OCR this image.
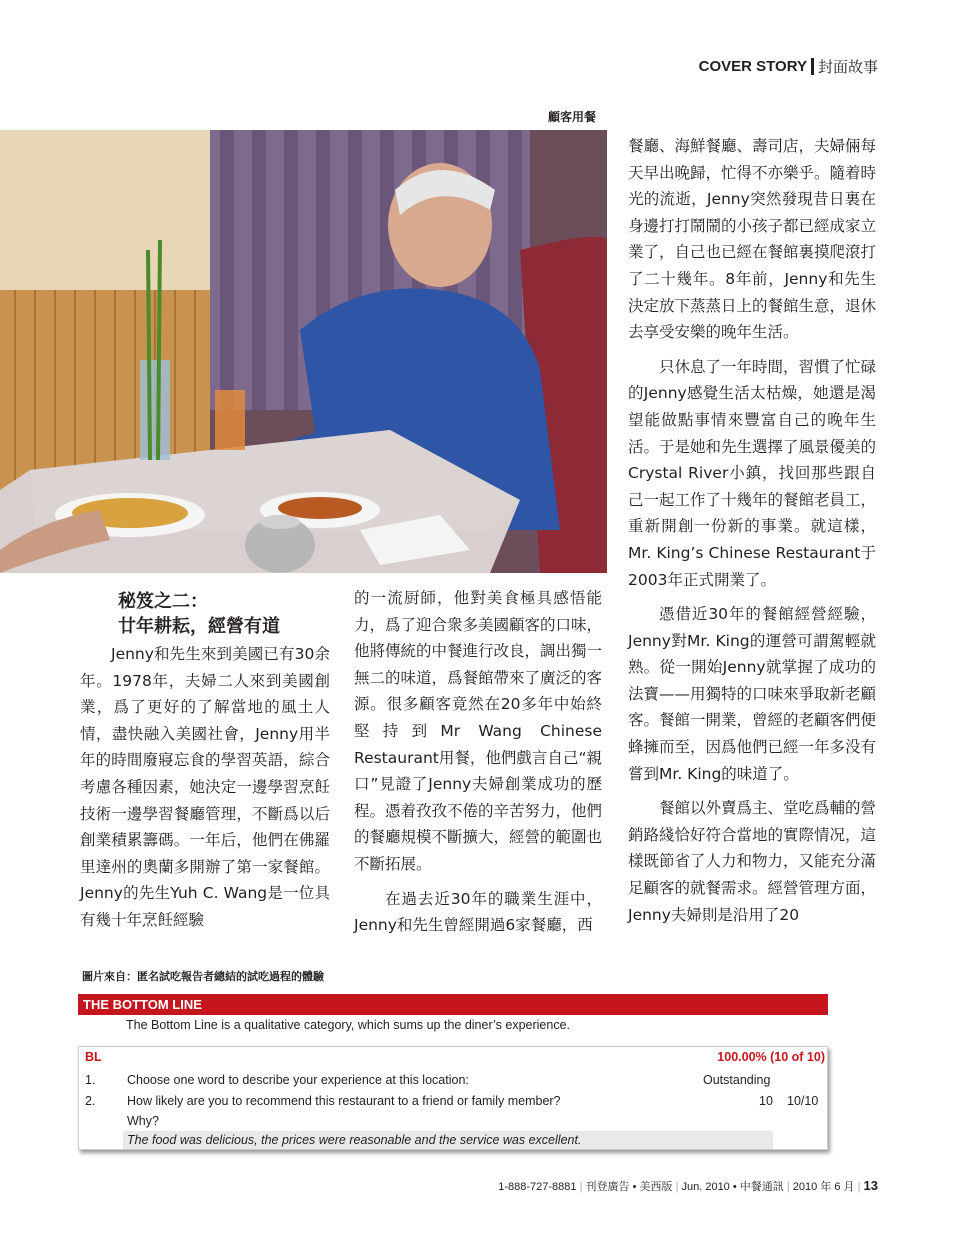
COVER STORY 封面故事
顧客用餐
秘笈之二：
廿年耕耘，經營有道

Jenny和先生來到美國已有30余年。1978年，夫婦二人來到美國創業，爲了更好的了解當地的風土人情，盡快融入美國社會，Jenny用半年的時間廢寢忘食的學習英語，綜合考慮各種因素，她決定一邊學習烹飪技術一邊學習餐廳管理，不斷爲以后創業積累籌碼。一年后，他們在佛羅里達州的奧蘭多開辦了第一家餐館。Jenny的先生Yuh C. Wang是一位具有幾十年烹飪經驗

的一流厨師，他對美食極具感悟能力，爲了迎合衆多美國顧客的口味，他將傳統的中餐進行改良，調出獨一無二的味道，爲餐館帶來了廣泛的客源。很多顧客竟然在20多年中始終堅持到Mr Wang Chinese Restaurant用餐，他們戲言自己“親口”見證了Jenny夫婦創業成功的歷程。憑着孜孜不倦的辛苦努力，他們的餐廳規模不斷擴大，經營的範圍也不斷拓展。

在過去近30年的職業生涯中，Jenny和先生曾經開過6家餐廳，西

餐廳、海鮮餐廳、壽司店，夫婦倆每天早出晚歸，忙得不亦樂乎。隨着時光的流逝，Jenny突然發現昔日裏在身邊打打鬧鬧的小孩子都已經成家立業了，自己也已經在餐館裏摸爬滾打了二十幾年。8年前，Jenny和先生決定放下蒸蒸日上的餐館生意，退休去享受安樂的晚年生活。

只休息了一年時間，習慣了忙碌的Jenny感覺生活太枯燥，她還是渴望能做點事情來豐富自己的晚年生活。于是她和先生選擇了風景優美的Crystal River小鎮，找回那些跟自己一起工作了十幾年的餐館老員工，重新開創一份新的事業。就這樣，Mr. King’s Chinese Restaurant于2003年正式開業了。

憑借近30年的餐館經營經驗，Jenny對Mr. King的運營可謂駕輕就熟。從一開始Jenny就掌握了成功的法寶——用獨特的口味來爭取新老顧客。餐館一開業，曾經的老顧客們便蜂擁而至，因爲他們已經一年多没有嘗到Mr. King的味道了。

餐館以外賣爲主、堂吃爲輔的營銷路綫恰好符合當地的實際情况，這樣既節省了人力和物力，又能充分滿足顧客的就餐需求。經營管理方面，Jenny夫婦則是沿用了20

圖片來自：匿名試吃報告者總結的試吃過程的體驗
THE BOTTOM LINE
The Bottom Line is a qualitative category, which sums up the diner’s experience.
BL	100.00% (10 of 10)
1.	Choose one word to describe your experience at this location:	Outstanding
2.	How likely are you to recommend this restaurant to a friend or family member?	10 10/10
Why?
The food was delicious, the prices were reasonable and the service was excellent.
1-888-727-8881 | 刊登廣告 • 美西版 | Jun. 2010 • 中餐通訊 | 2010 年 6 月 | 13
